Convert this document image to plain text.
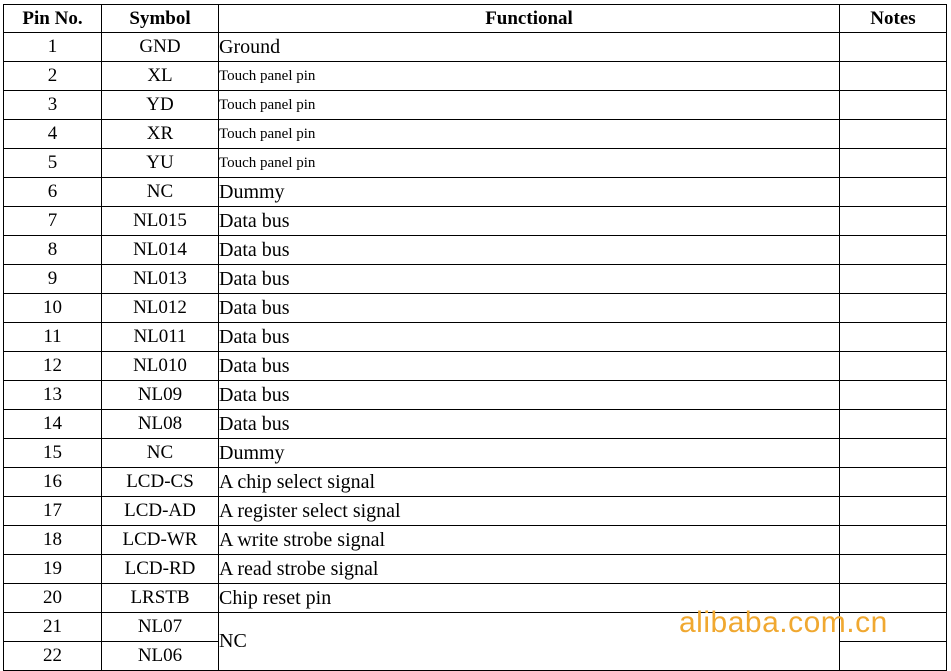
Pin No.	Symbol	Functional	Notes
1	GND	Ground	
2	XL	Touch panel pin	
3	YD	Touch panel pin	
4	XR	Touch panel pin	
5	YU	Touch panel pin	
6	NC	Dummy	
7	NL015	Data bus	
8	NL014	Data bus	
9	NL013	Data bus	
10	NL012	Data bus	
11	NL011	Data bus	
12	NL010	Data bus	
13	NL09	Data bus	
14	NL08	Data bus	
15	NC	Dummy	
16	LCD-CS	A chip select signal	
17	LCD-AD	A register select signal	
18	LCD-WR	A write strobe signal	
19	LCD-RD	A read strobe signal	
20	LRSTB	Chip reset pin	
21	NL07	NC	
22	NL06		
alibaba.com.cn
